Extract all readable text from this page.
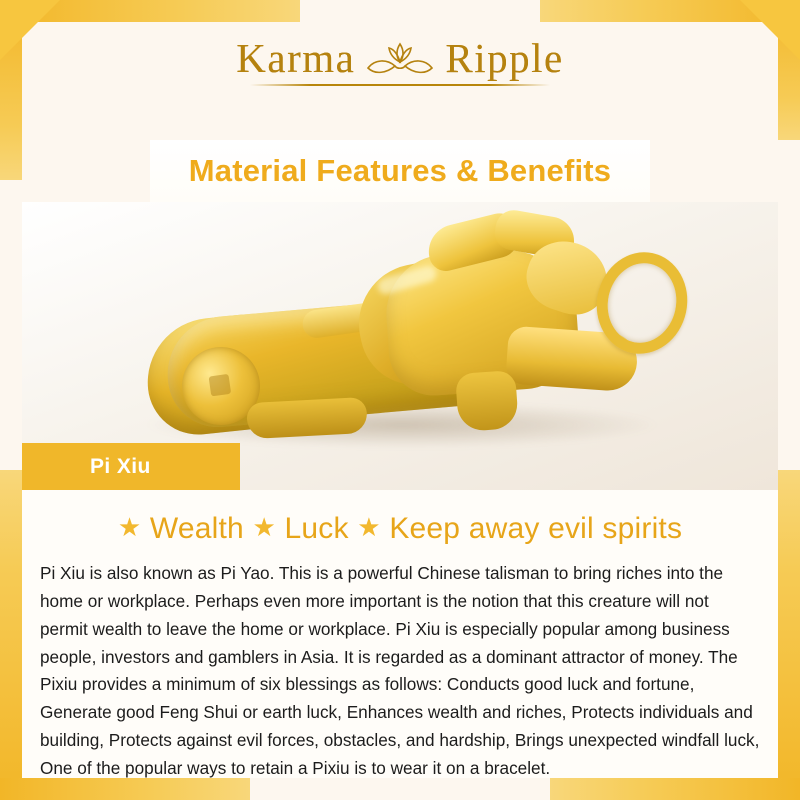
Karma Ripple
Material Features & Benefits
Pi Xiu
★ Wealth ★ Luck ★ Keep away evil spirits

Pi Xiu is also known as Pi Yao. This is a powerful Chinese talisman to bring riches into the home or workplace. Perhaps even more important is the notion that this creature will not permit wealth to leave the home or workplace. Pi Xiu is especially popular among business people, investors and gamblers in Asia. It is regarded as a dominant attractor of money. The Pixiu provides a minimum of six blessings as follows: Conducts good luck and fortune, Generate good Feng Shui or earth luck, Enhances wealth and riches, Protects individuals and building, Protects against evil forces, obstacles, and hardship, Brings unexpected windfall luck, One of the popular ways to retain a Pixiu is to wear it on a bracelet.
